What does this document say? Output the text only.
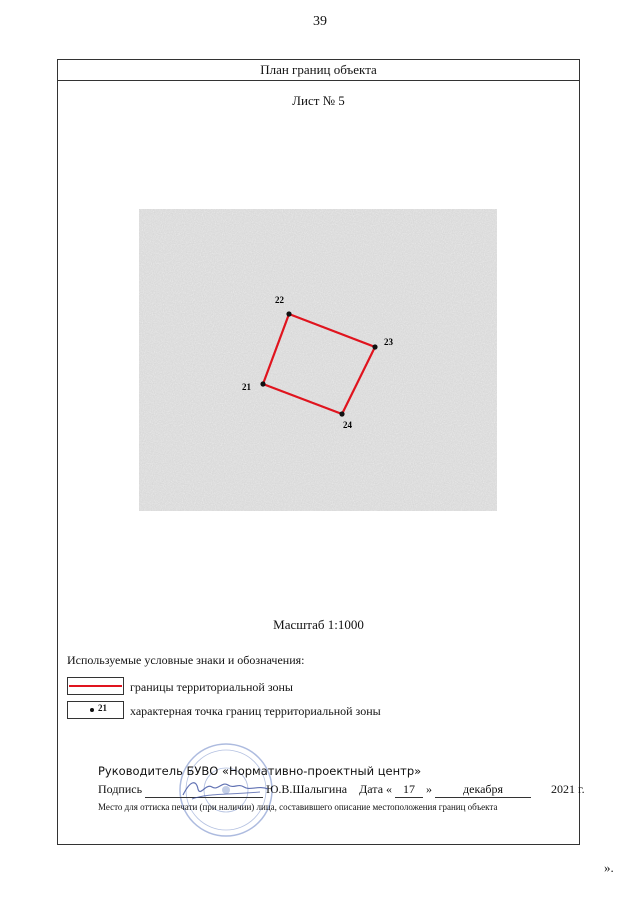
39
План границ объекта
Лист № 5
22
23
24
21
Масштаб 1:1000
Используемые условные знаки и обозначения:
границы территориальной зоны
21 характерная точка границ территориальной зоны
Руководитель БУВО «Нормативно-проектный центр»
Подпись	Ю.В.Шалыгина Дата « 17 »	декабря	2021 г.
Место для оттиска печати (при наличии) лица, составившего описание местоположения границ объекта
».
